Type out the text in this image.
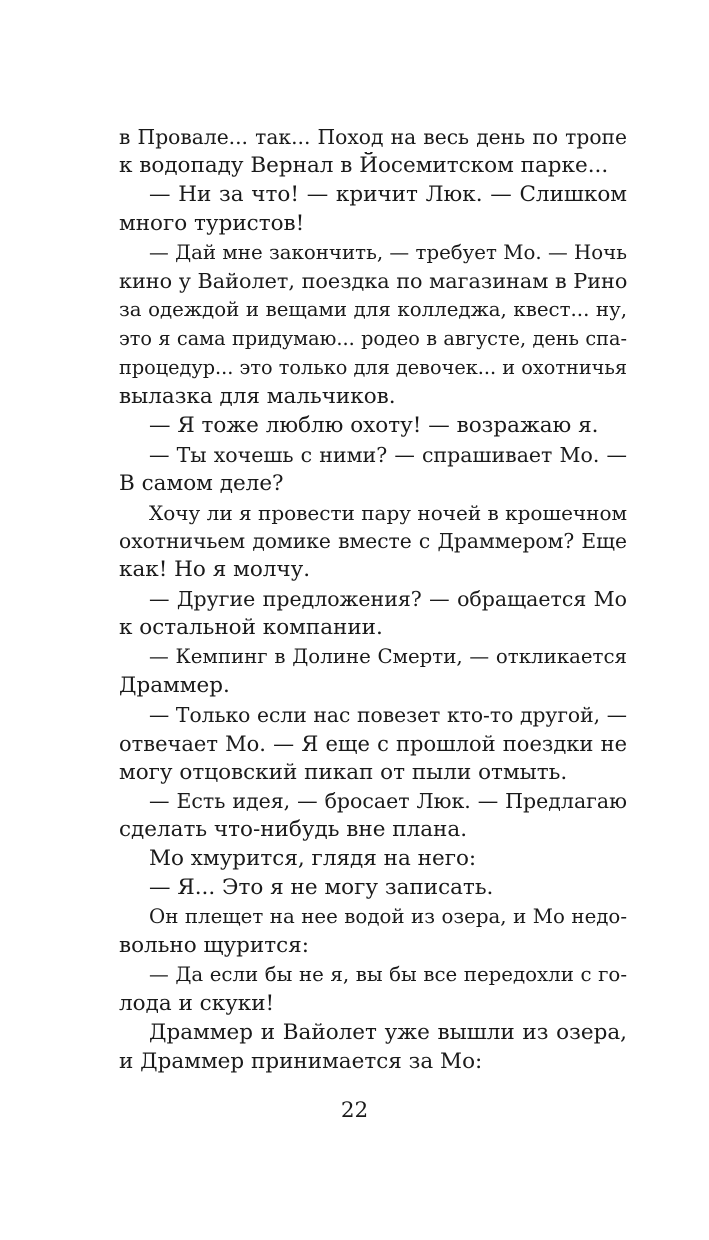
в Провале... так... Поход на весь день по тропе
к водопаду Вернал в Йосемитском парке...
— Ни за что! — кричит Люк. — Слишком
много туристов!
— Дай мне закончить, — требует Мо. — Ночь
кино у Вайолет, поездка по магазинам в Рино
за одеждой и вещами для колледжа, квест... ну,
это я сама придумаю... родео в августе, день спа-
процедур... это только для девочек... и охотничья
вылазка для мальчиков.
— Я тоже люблю охоту! — возражаю я.
— Ты хочешь с ними? — спрашивает Мо. —
В самом деле?
Хочу ли я провести пару ночей в крошечном
охотничьем домике вместе с Драммером? Еще
как! Но я молчу.
— Другие предложения? — обращается Мо
к остальной компании.
— Кемпинг в Долине Смерти, — откликается
Драммер.
— Только если нас повезет кто-то другой, —
отвечает Мо. — Я еще с прошлой поездки не
могу отцовский пикап от пыли отмыть.
— Есть идея, — бросает Люк. — Предлагаю
сделать что-нибудь вне плана.
Мо хмурится, глядя на него:
— Я... Это я не могу записать.
Он плещет на нее водой из озера, и Мо недо-
вольно щурится:
— Да если бы не я, вы бы все передохли с го-
лода и скуки!
Драммер и Вайолет уже вышли из озера,
и Драммер принимается за Мо:
22
